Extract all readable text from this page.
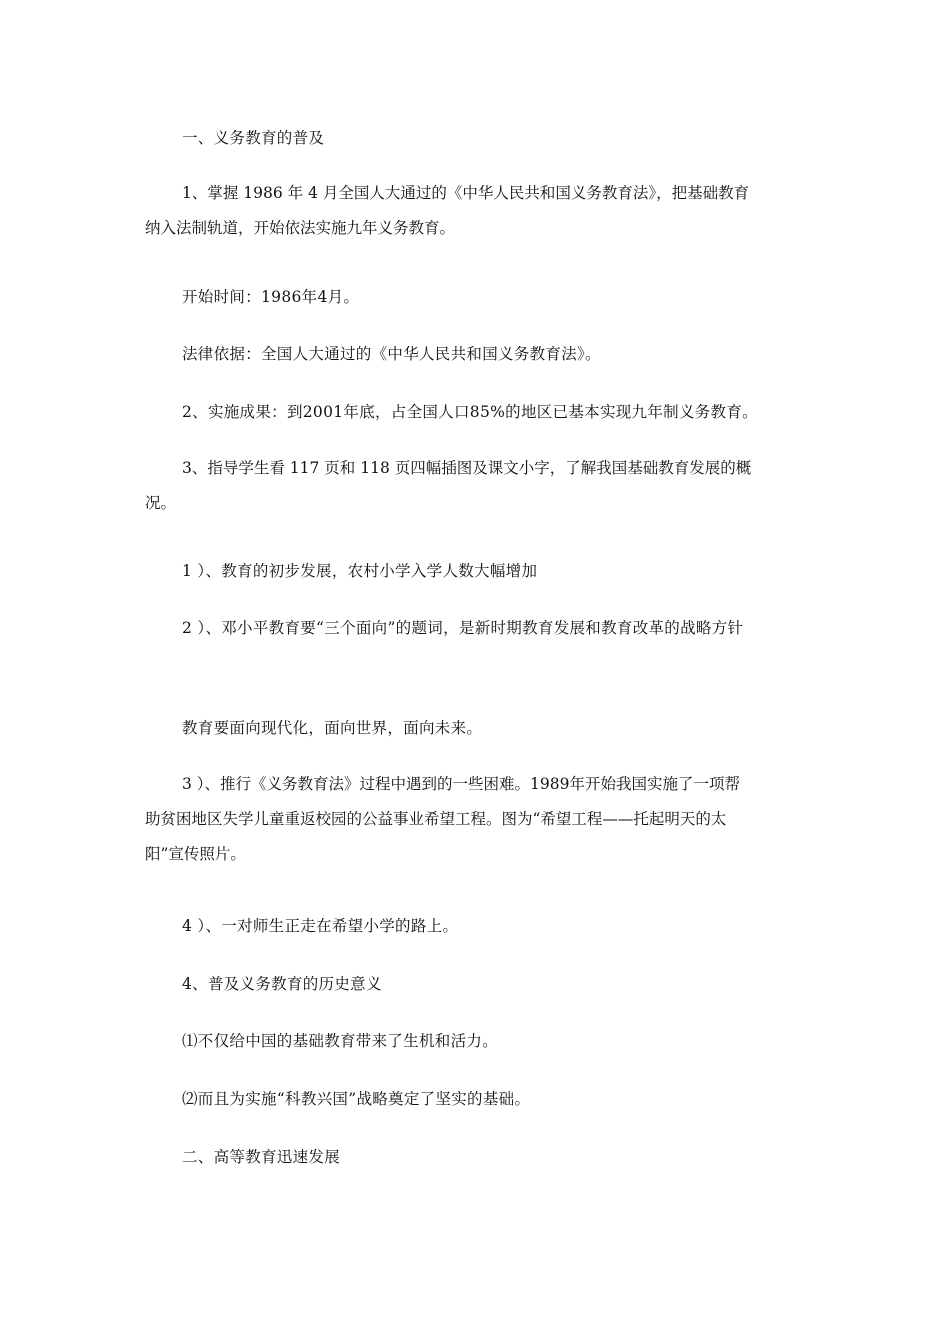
一、义务教育的普及

1、掌握 1986 年 4 月全国人大通过的《中华人民共和国义务教育法》，把基础教育
纳入法制轨道，开始依法实施九年义务教育。

开始时间：1986年4月。

法律依据：全国人大通过的《中华人民共和国义务教育法》。

2、实施成果：到2001年底，占全国人口85%的地区已基本实现九年制义务教育。

3、指导学生看 117 页和 118 页四幅插图及课文小字，了解我国基础教育发展的概
况。

1 ）、教育的初步发展，农村小学入学人数大幅增加

2 ）、邓小平教育要“三个面向”的题词，是新时期教育发展和教育改革的战略方针

教育要面向现代化，面向世界，面向未来。

3 ）、推行《义务教育法》过程中遇到的一些困难。1989年开始我国实施了一项帮
助贫困地区失学儿童重返校园的公益事业希望工程。图为“希望工程——托起明天的太
阳”宣传照片。

4 ）、一对师生正走在希望小学的路上。

4、普及义务教育的历史意义

⑴不仅给中国的基础教育带来了生机和活力。

⑵而且为实施“科教兴国”战略奠定了坚实的基础。

二、高等教育迅速发展
